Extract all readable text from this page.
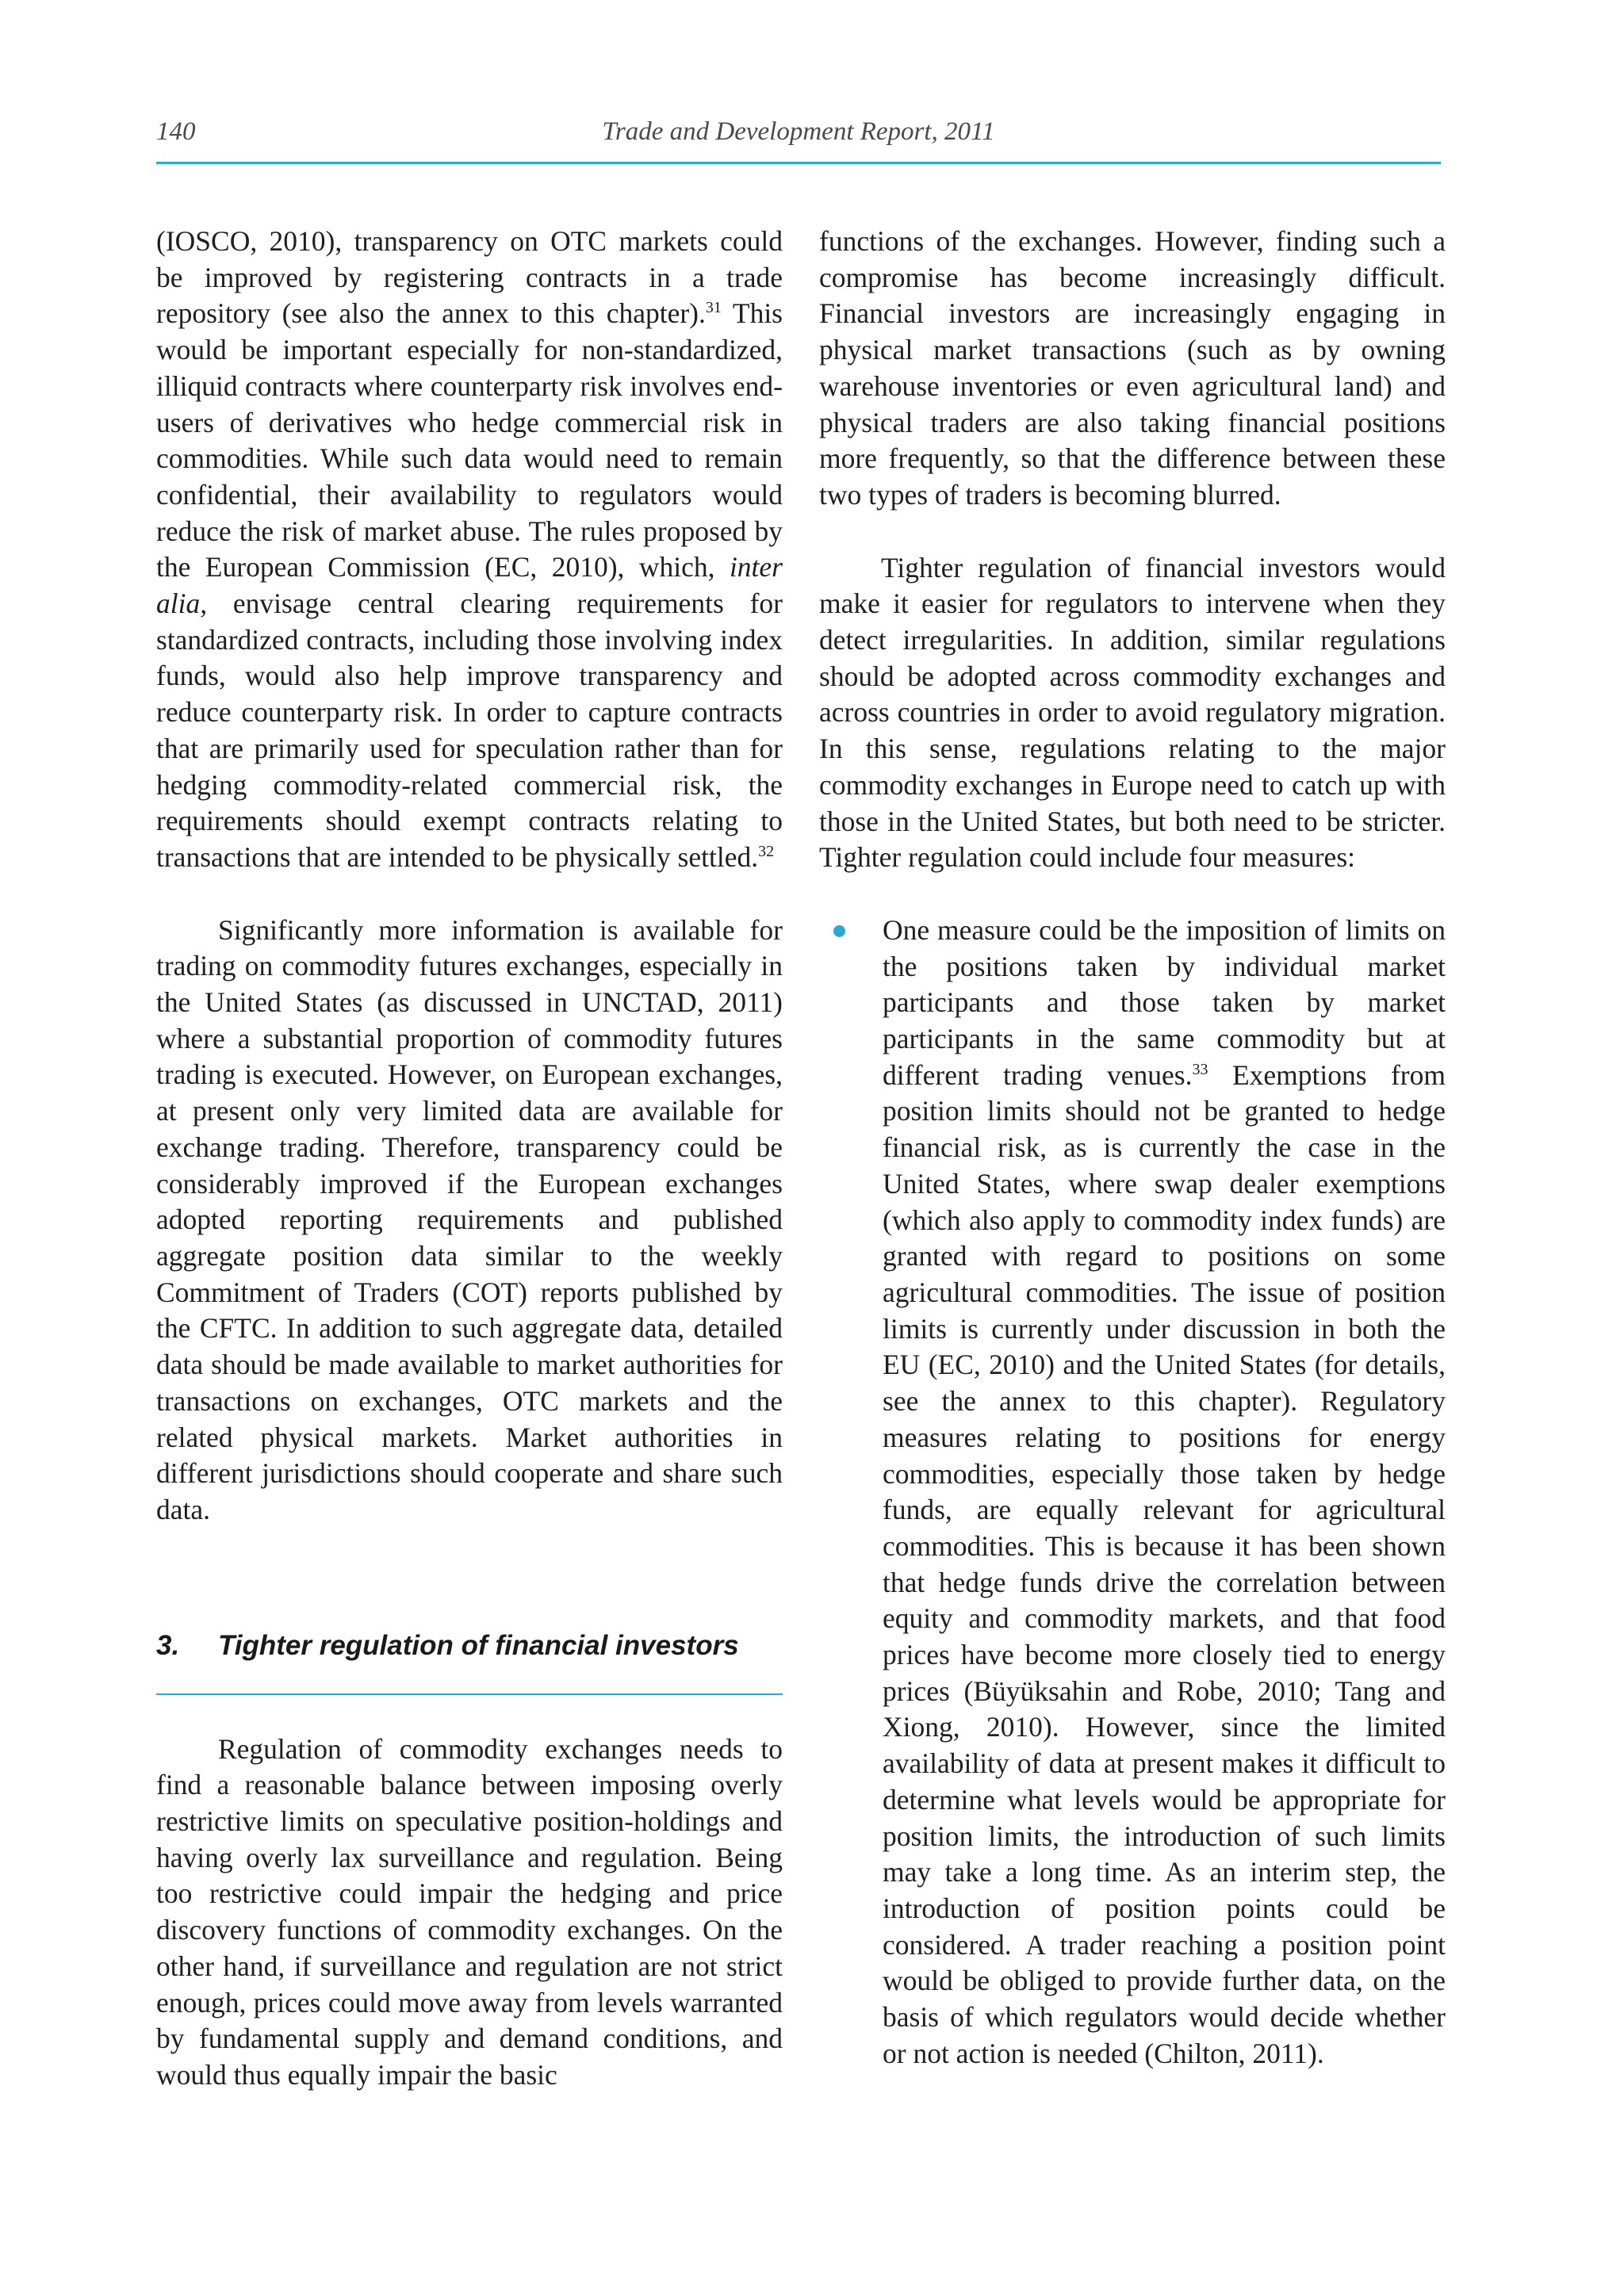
140	Trade and Development Report, 2011

(IOSCO, 2010), transparency on OTC markets could be improved by registering contracts in a trade repository (see also the annex to this chapter).$^{31}$ This would be important especially for non-standardized, illiquid contracts where counterparty risk involves end-users of derivatives who hedge commercial risk in commodities. While such data would need to remain confidential, their availability to regulators would reduce the risk of market abuse. The rules proposed by the European Commission (EC, 2010), which, inter alia, envisage central clearing requirements for standardized contracts, including those involving index funds, would also help improve transparency and reduce counterparty risk. In order to capture contracts that are primarily used for speculation rather than for hedging commodity-related commercial risk, the requirements should exempt contracts relating to transactions that are intended to be physically settled.$^{32}$

Significantly more information is available for trading on commodity futures exchanges, especially in the United States (as discussed in UNCTAD, 2011) where a substantial proportion of commodity futures trading is executed. However, on European exchanges, at present only very limited data are available for exchange trading. Therefore, transparency could be considerably improved if the European exchanges adopted reporting requirements and published aggregate position data similar to the weekly Commitment of Traders (COT) reports published by the CFTC. In addition to such aggregate data, detailed data should be made available to market authorities for transactions on exchanges, OTC markets and the related physical markets. Market authorities in different jurisdictions should cooperate and share such data.

3.	Tighter regulation of financial investors

Regulation of commodity exchanges needs to find a reasonable balance between imposing overly restrictive limits on speculative position-holdings and having overly lax surveillance and regulation. Being too restrictive could impair the hedging and price discovery functions of commodity exchanges. On the other hand, if surveillance and regulation are not strict enough, prices could move away from levels warranted by fundamental supply and demand conditions, and would thus equally impair the basic

functions of the exchanges. However, finding such a compromise has become increasingly difficult. Financial investors are increasingly engaging in physical market transactions (such as by owning warehouse inventories or even agricultural land) and physical traders are also taking financial positions more frequently, so that the difference between these two types of traders is becoming blurred.

Tighter regulation of financial investors would make it easier for regulators to intervene when they detect irregularities. In addition, similar regulations should be adopted across commodity exchanges and across countries in order to avoid regulatory migration. In this sense, regulations relating to the major commodity exchanges in Europe need to catch up with those in the United States, but both need to be stricter. Tighter regulation could include four measures:

One measure could be the imposition of limits on the positions taken by individual market participants and those taken by market participants in the same commodity but at different trading venues.$^{33}$ Exemptions from position limits should not be granted to hedge financial risk, as is currently the case in the United States, where swap dealer exemptions (which also apply to commodity index funds) are granted with regard to positions on some agricultural commodities. The issue of position limits is currently under discussion in both the EU (EC, 2010) and the United States (for details, see the annex to this chapter). Regulatory measures relating to positions for energy commodities, especially those taken by hedge funds, are equally relevant for agricultural commodities. This is because it has been shown that hedge funds drive the correlation between equity and commodity markets, and that food prices have become more closely tied to energy prices (Büyüksahin and Robe, 2010; Tang and Xiong, 2010). However, since the limited availability of data at present makes it difficult to determine what levels would be appropriate for position limits, the introduction of such limits may take a long time. As an interim step, the introduction of position points could be considered. A trader reaching a position point would be obliged to provide further data, on the basis of which regulators would decide whether or not action is needed (Chilton, 2011).
